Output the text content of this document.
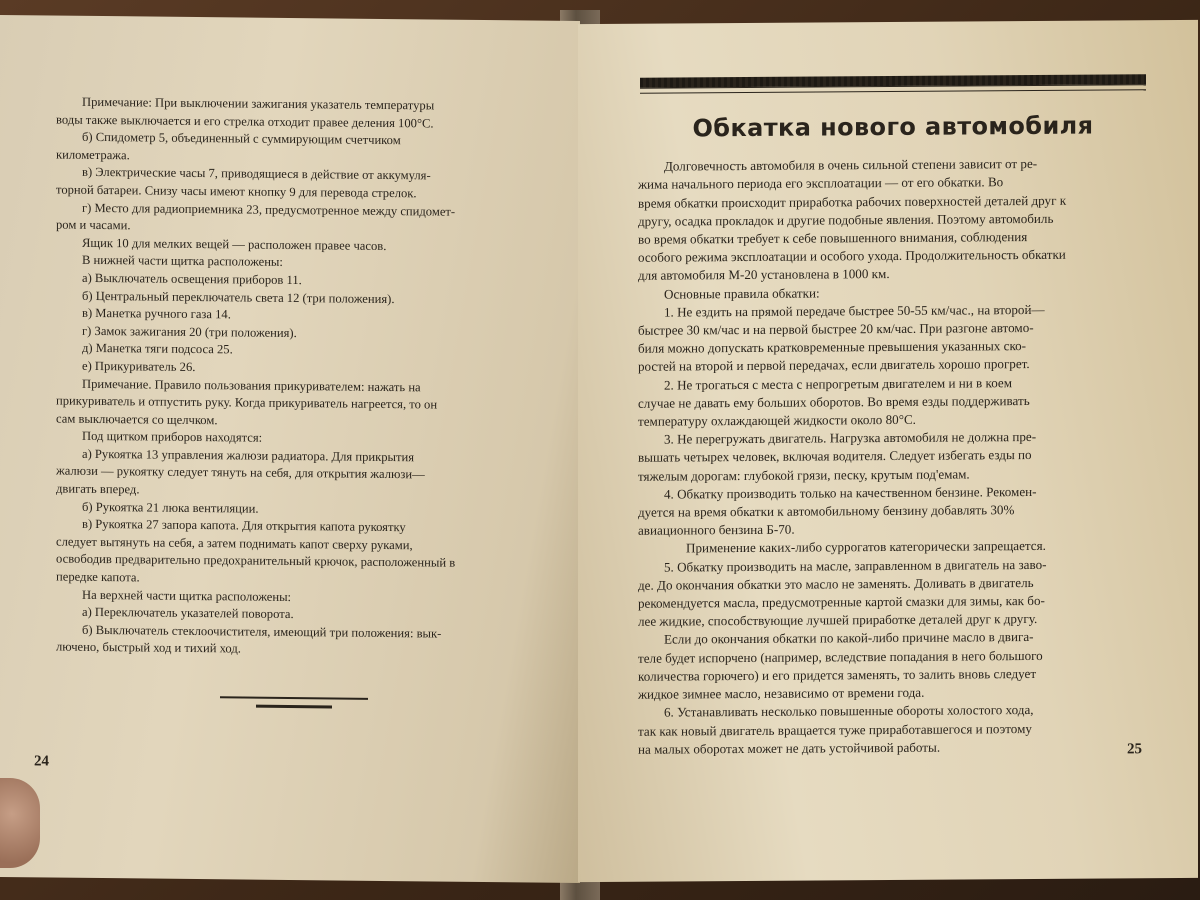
Примечание: При выключении зажигания указатель температуры

воды также выключается и его стрелка отходит правее деления 100°С.

б) Спидометр 5, объединенный с суммирующим счетчиком

километража.

в) Электрические часы 7, приводящиеся в действие от аккумуля-

торной батареи. Снизу часы имеют кнопку 9 для перевода стрелок.

г) Место для радиоприемника 23, предусмотренное между спидомет-

ром и часами.

Ящик 10 для мелких вещей — расположен правее часов.

В нижней части щитка расположены:

а) Выключатель освещения приборов 11.

б) Центральный переключатель света 12 (три положения).

в) Манетка ручного газа 14.

г) Замок зажигания 20 (три положения).

д) Манетка тяги подсоса 25.

е) Прикуриватель 26.

Примечание. Правило пользования прикуривателем: нажать на

прикуриватель и отпустить руку. Когда прикуриватель нагреется, то он

сам выключается со щелчком.

Под щитком приборов находятся:

а) Рукоятка 13 управления жалюзи радиатора. Для прикрытия

жалюзи — рукоятку следует тянуть на себя, для открытия жалюзи—

двигать вперед.

б) Рукоятка 21 люка вентиляции.

в) Рукоятка 27 запора капота. Для открытия капота рукоятку

следует вытянуть на себя, а затем поднимать капот сверху руками,

освободив предварительно предохранительный крючок, расположенный в

передке капота.

На верхней части щитка расположены:

а) Переключатель указателей поворота.

б) Выключатель стеклоочистителя, имеющий три положения: вык-

лючено, быстрый ход и тихий ход.

24
Обкатка нового автомобиля

Долговечность автомобиля в очень сильной степени зависит от ре-

жима начального периода его эксплоатации — от его обкатки. Во

время обкатки происходит приработка рабочих поверхностей деталей друг к

другу, осадка прокладок и другие подобные явления. Поэтому автомобиль

во время обкатки требует к себе повышенного внимания, соблюдения

особого режима эксплоатации и особого ухода. Продолжительность обкатки

для автомобиля М-20 установлена в 1000 км.

Основные правила обкатки:

1. Не ездить на прямой передаче быстрее 50-55 км/час., на второй—

быстрее 30 км/час и на первой быстрее 20 км/час. При разгоне автомо-

биля можно допускать кратковременные превышения указанных ско-

ростей на второй и первой передачах, если двигатель хорошо прогрет.

2. Не трогаться с места с непрогретым двигателем и ни в коем

случае не давать ему больших оборотов. Во время езды поддерживать

температуру охлаждающей жидкости около 80°С.

3. Не перегружать двигатель. Нагрузка автомобиля не должна пре-

вышать четырех человек, включая водителя. Следует избегать езды по

тяжелым дорогам: глубокой грязи, песку, крутым под'емам.

4. Обкатку производить только на качественном бензине. Рекомен-

дуется на время обкатки к автомобильному бензину добавлять 30%

авиационного бензина Б-70.

Применение каких-либо суррогатов категорически запрещается.

5. Обкатку производить на масле, заправленном в двигатель на заво-

де. До окончания обкатки это масло не заменять. Доливать в двигатель

рекомендуется масла, предусмотренные картой смазки для зимы, как бо-

лее жидкие, способствующие лучшей приработке деталей друг к другу.

Если до окончания обкатки по какой-либо причине масло в двига-

теле будет испорчено (например, вследствие попадания в него большого

количества горючего) и его придется заменять, то залить вновь следует

жидкое зимнее масло, независимо от времени года.

6. Устанавливать несколько повышенные обороты холостого хода,

так как новый двигатель вращается туже приработавшегося и поэтому

на малых оборотах может не дать устойчивой работы.	25
